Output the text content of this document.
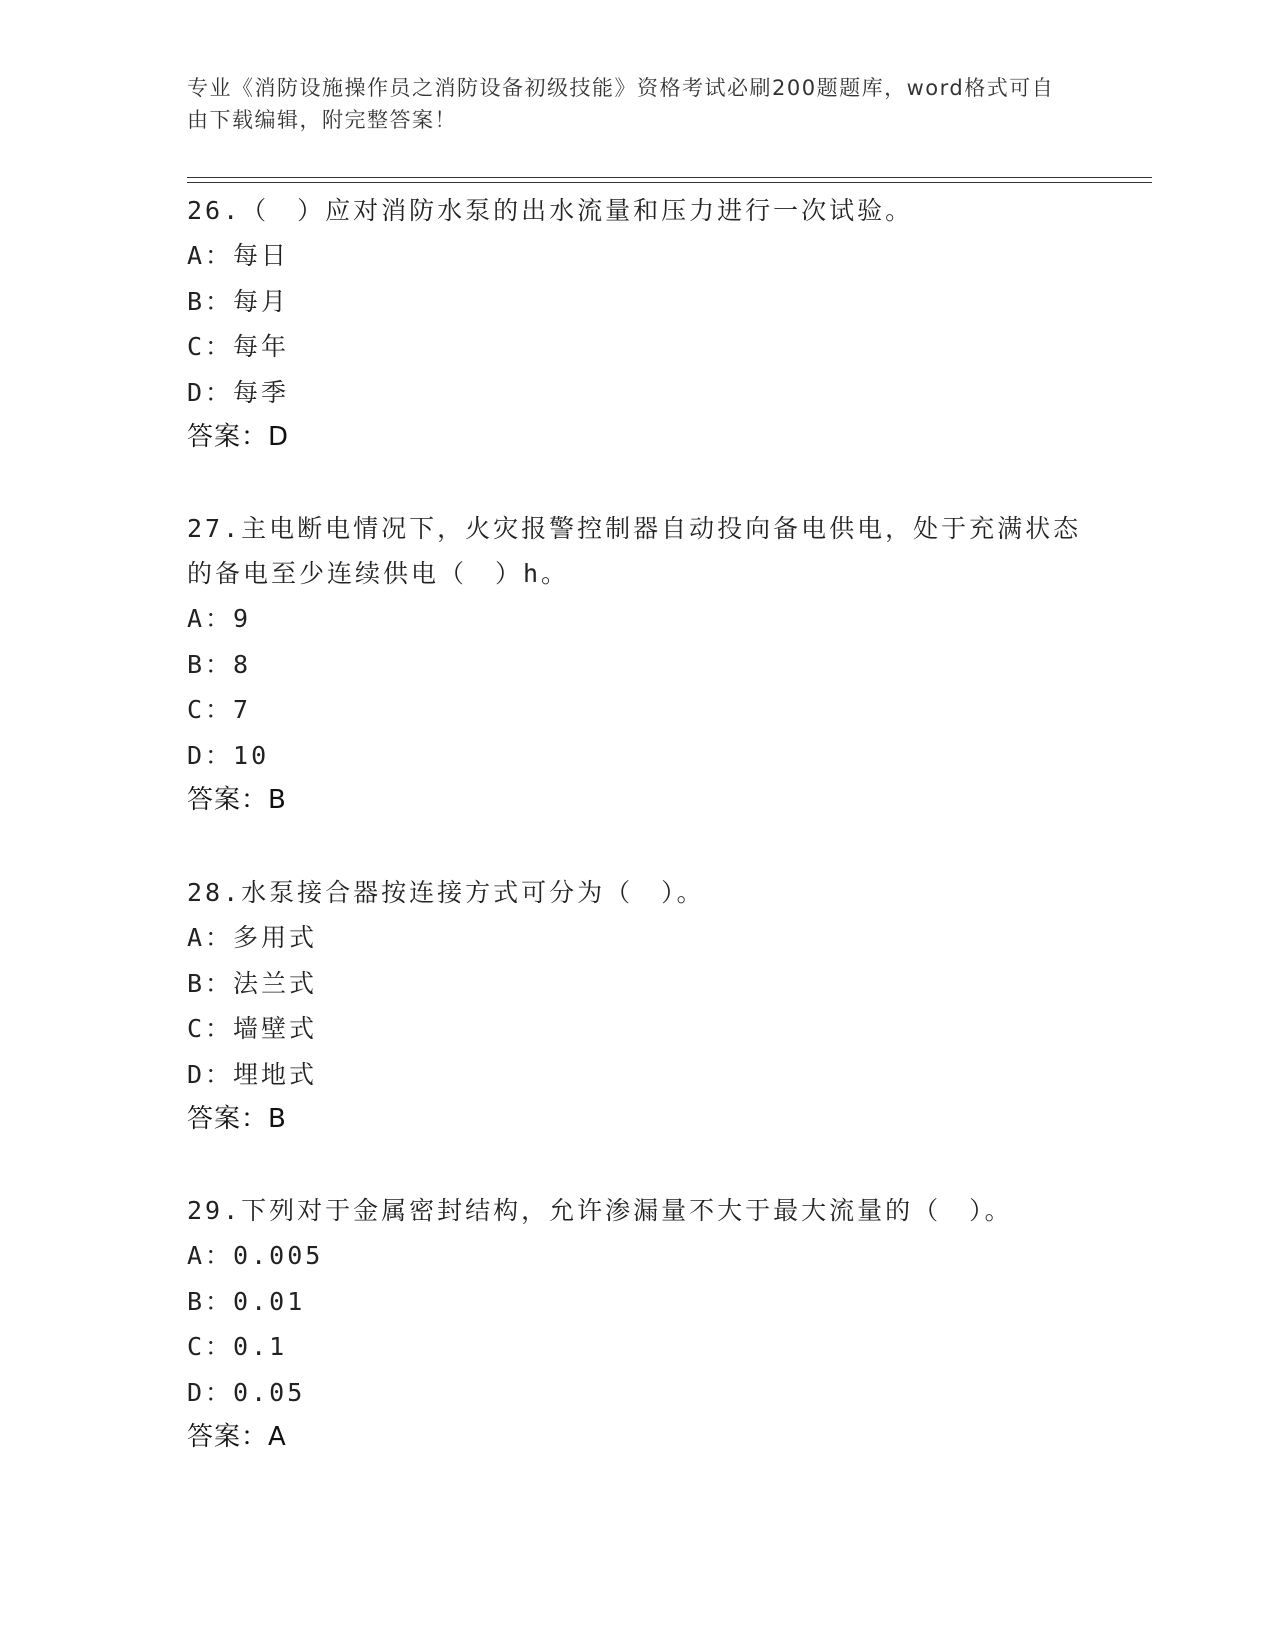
专业《消防设施操作员之消防设备初级技能》资格考试必刷200题题库，word格式可自由下载编辑，附完整答案！

26.（　）应对消防水泵的出水流量和压力进行一次试验。

A：每日

B：每月

C：每年

D：每季

答案：D

27.主电断电情况下，火灾报警控制器自动投向备电供电，处于充满状态的备电至少连续供电（　）h。

A：9

B：8

C：7

D：10

答案：B

28.水泵接合器按连接方式可分为（　）。

A：多用式

B：法兰式

C：墙壁式

D：埋地式

答案：B

29.下列对于金属密封结构，允许渗漏量不大于最大流量的（　）。

A：0.005

B：0.01

C：0.1

D：0.05

答案：A
